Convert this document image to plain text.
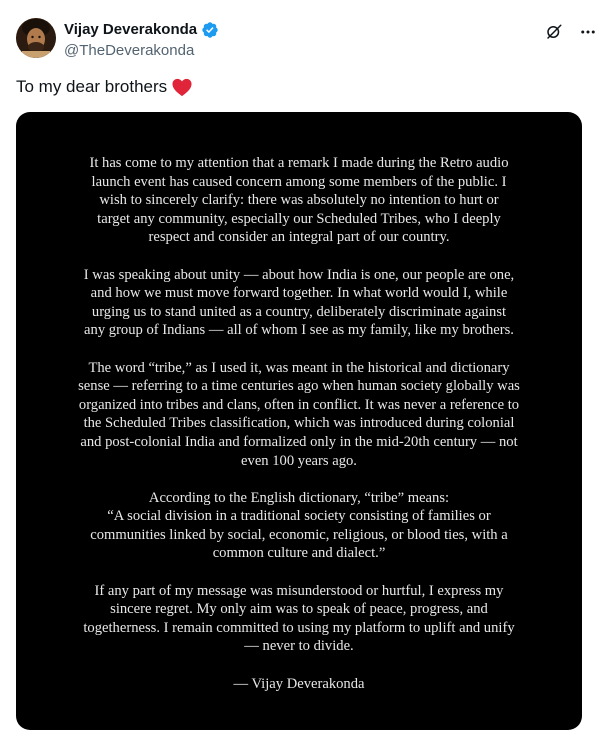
Vijay Deverakonda
@TheDeverakonda
To my dear brothers

It has come to my attention that a remark I made during the Retro audio
launch event has caused concern among some members of the public. I
wish to sincerely clarify: there was absolutely no intention to hurt or
target any community, especially our Scheduled Tribes, who I deeply
respect and consider an integral part of our country.

I was speaking about unity — about how India is one, our people are one,
and how we must move forward together. In what world would I, while
urging us to stand united as a country, deliberately discriminate against
any group of Indians — all of whom I see as my family, like my brothers.

The word “tribe,” as I used it, was meant in the historical and dictionary
sense — referring to a time centuries ago when human society globally was
organized into tribes and clans, often in conflict. It was never a reference to
the Scheduled Tribes classification, which was introduced during colonial
and post-colonial India and formalized only in the mid-20th century — not
even 100 years ago.

According to the English dictionary, “tribe” means:
“A social division in a traditional society consisting of families or
communities linked by social, economic, religious, or blood ties, with a
common culture and dialect.”

If any part of my message was misunderstood or hurtful, I express my
sincere regret. My only aim was to speak of peace, progress, and
togetherness. I remain committed to using my platform to uplift and unify
— never to divide.

— Vijay Deverakonda
